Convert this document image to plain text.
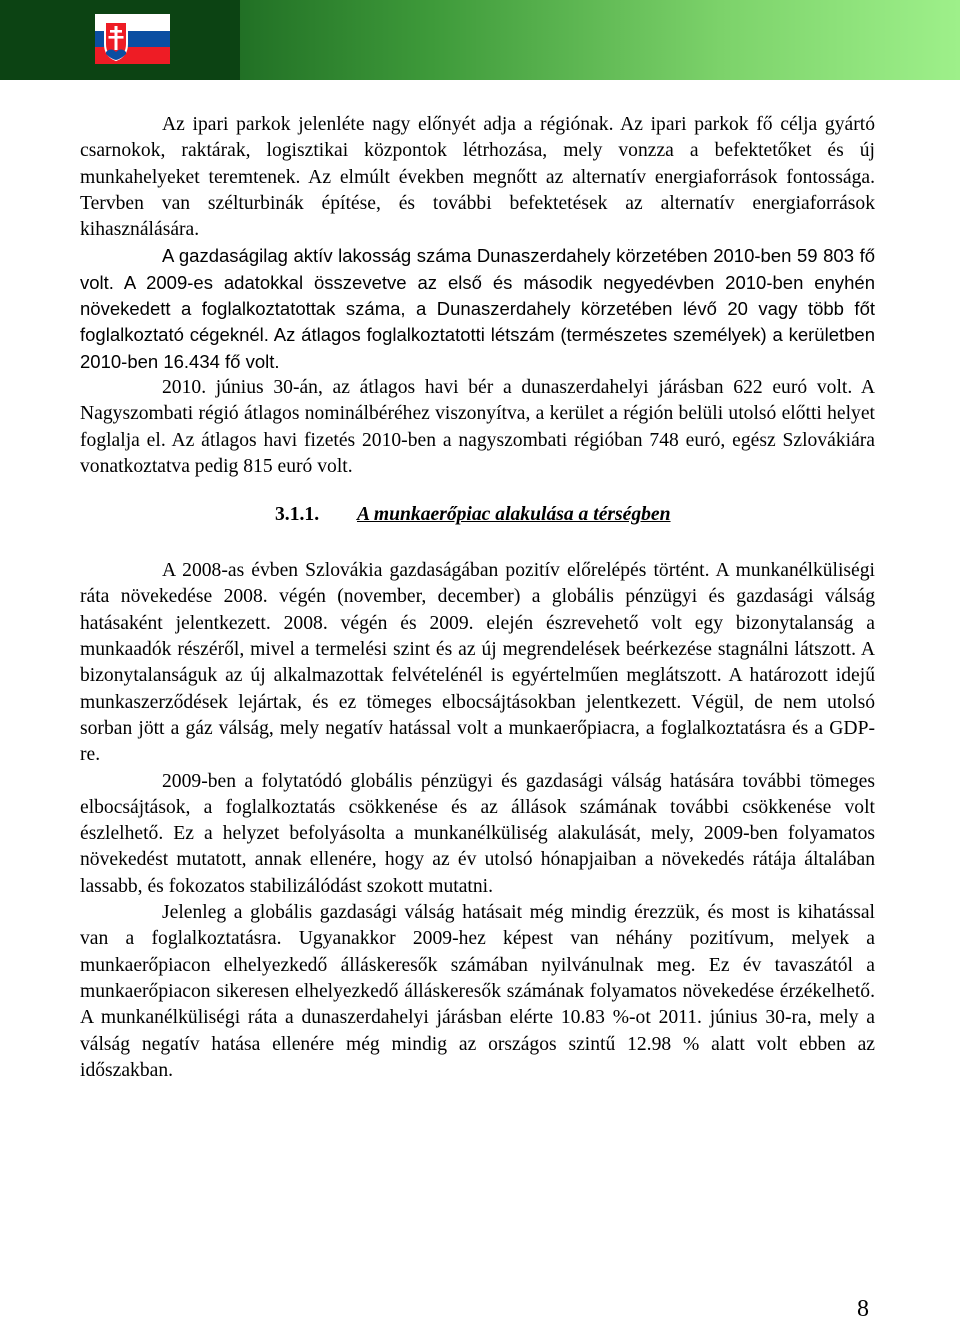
Az ipari parkok jelenléte nagy előnyét adja a régiónak. Az ipari parkok fő célja gyártó csarnokok, raktárak, logisztikai központok létrhozása, mely vonzza a befektetőket és új munkahelyeket teremtenek. Az elmúlt években megnőtt az alternatív energiaforrások fontossága. Tervben van szélturbinák építése, és további befektetések az alternatív energiaforrások kihasználására.

A gazdaságilag aktív lakosság száma Dunaszerdahely körzetében 2010-ben 59 803 fő volt. A 2009-es adatokkal összevetve az első és második negyedévben 2010-ben enyhén növekedett a foglalkoztatottak száma, a Dunaszerdahely körzetében lévő 20 vagy több főt foglalkoztató cégeknél. Az átlagos foglalkoztatotti létszám (természetes személyek) a kerületben 2010-ben 16.434 fő volt.

2010. június 30-án, az átlagos havi bér a dunaszerdahelyi járásban 622 euró volt. A Nagyszombati régió átlagos nominálbéréhez viszonyítva, a kerület a régión belüli utolsó előtti helyet foglalja el. Az átlagos havi fizetés 2010-ben a nagyszombati régióban 748 euró, egész Szlovákiára vonatkoztatva pedig 815 euró volt.

3.1.1. A munkaerőpiac alakulása a térségben

A 2008-as évben Szlovákia gazdaságában pozitív előrelépés történt. A munkanélküliségi ráta növekedése 2008. végén (november, december) a globális pénzügyi és gazdasági válság hatásaként jelentkezett. 2008. végén és 2009. elején észrevehető volt egy bizonytalanság a munkaadók részéről, mivel a termelési szint és az új megrendelések beérkezése stagnálni látszott. A bizonytalanságuk az új alkalmazottak felvételénél is egyértelműen meglátszott. A határozott idejű munkaszerződések lejártak, és ez tömeges elbocsájtásokban jelentkezett. Végül, de nem utolsó sorban jött a gáz válság, mely negatív hatással volt a munkaerőpiacra, a foglalkoztatásra és a GDP-re.

2009-ben a folytatódó globális pénzügyi és gazdasági válság hatására további tömeges elbocsájtások, a foglalkoztatás csökkenése és az állások számának további csökkenése volt észlelhető. Ez a helyzet befolyásolta a munkanélküliség alakulását, mely, 2009-ben folyamatos növekedést mutatott, annak ellenére, hogy az év utolsó hónapjaiban a növekedés rátája általában lassabb, és fokozatos stabilizálódást szokott mutatni.

Jelenleg a globális gazdasági válság hatásait még mindig érezzük, és most is kihatással van a foglalkoztatásra. Ugyanakkor 2009-hez képest van néhány pozitívum, melyek a munkaerőpiacon elhelyezkedő álláskeresők számában nyilvánulnak meg. Ez év tavaszától a munkaerőpiacon sikeresen elhelyezkedő álláskeresők számának folyamatos növekedése érzékelhető. A munkanélküliségi ráta a dunaszerdahelyi járásban elérte 10.83 %-ot 2011. június 30-ra, mely a válság negatív hatása ellenére még mindig az országos szintű 12.98 % alatt volt ebben az időszakban.

8
